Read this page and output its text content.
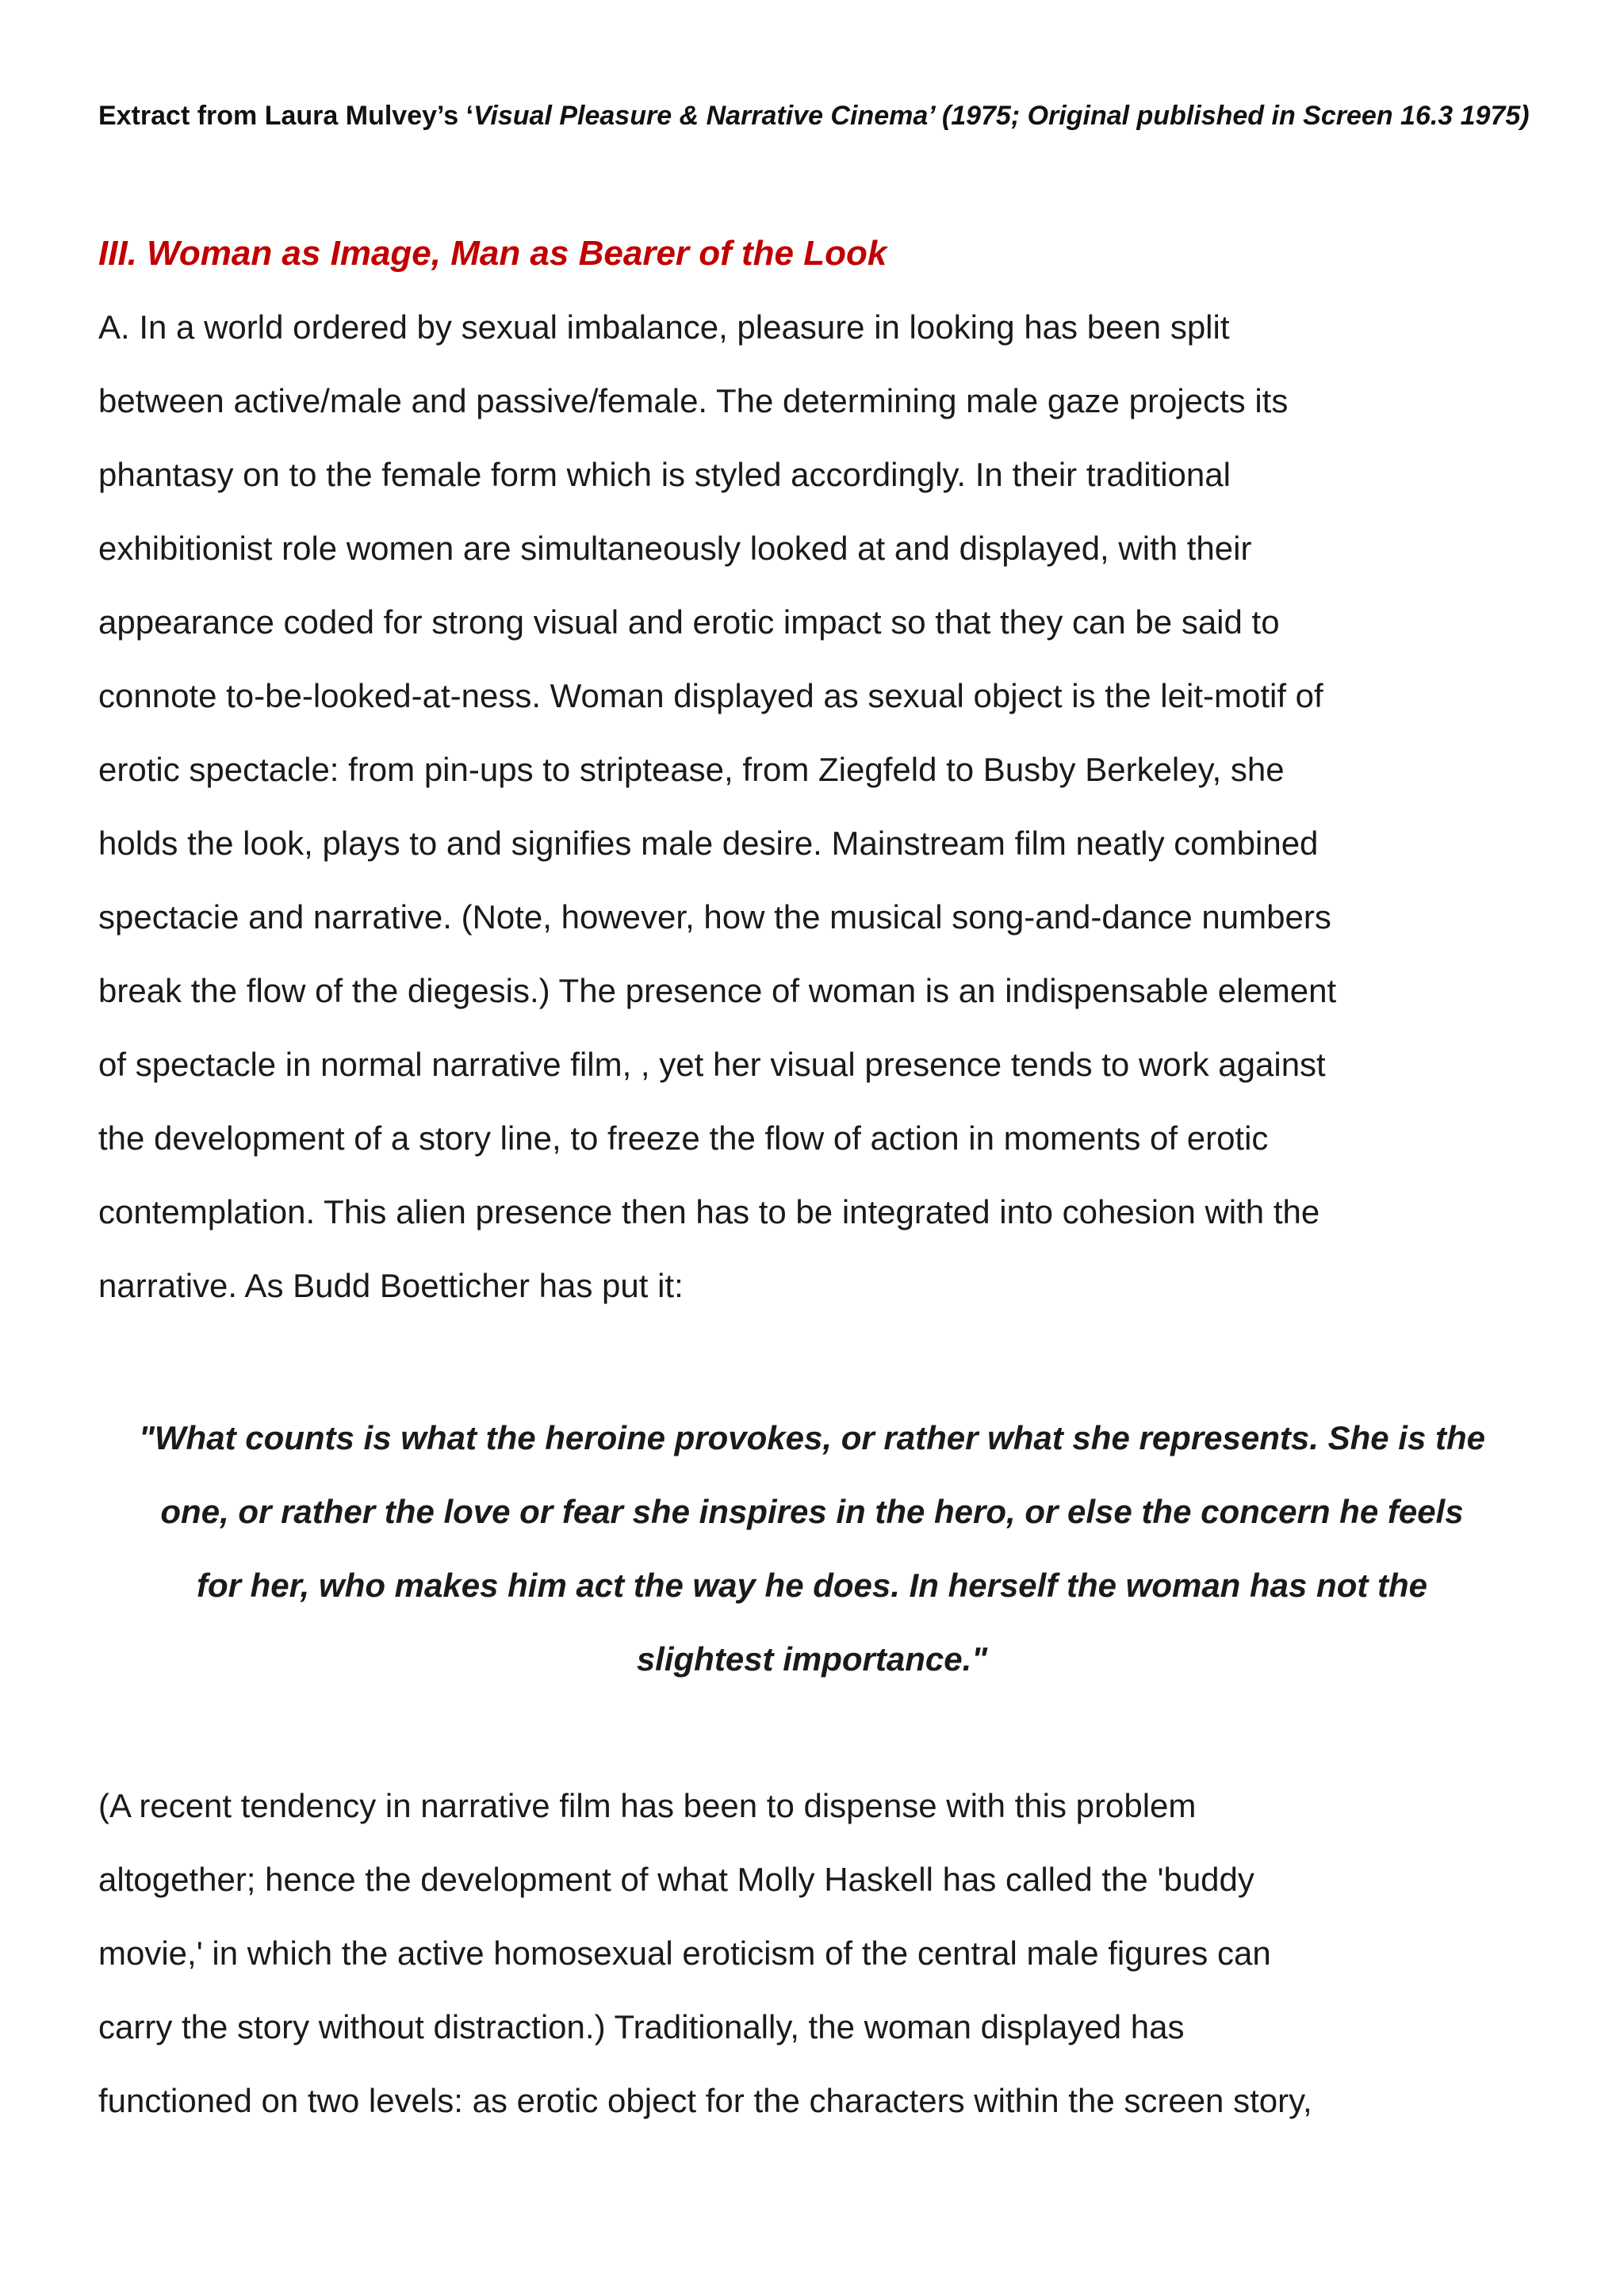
Extract from Laura Mulvey’s ‘Visual Pleasure & Narrative Cinema’ (1975; Original published in Screen 16.3 1975)
III. Woman as Image, Man as Bearer of the Look
A. In a world ordered by sexual imbalance, pleasure in looking has been split
between active/male and passive/female. The determining male gaze projects its
phantasy on to the female form which is styled accordingly. In their traditional
exhibitionist role women are simultaneously looked at and displayed, with their
appearance coded for strong visual and erotic impact so that they can be said to
connote to-be-looked-at-ness. Woman displayed as sexual object is the leit-motif of
erotic spectacle: from pin-ups to striptease, from Ziegfeld to Busby Berkeley, she
holds the look, plays to and signifies male desire. Mainstream film neatly combined
spectacie and narrative. (Note, however, how the musical song-and-dance numbers
break the flow of the diegesis.) The presence of woman is an indispensable element
of spectacle in normal narrative film, , yet her visual presence tends to work against
the development of a story line, to freeze the flow of action in moments of erotic
contemplation. This alien presence then has to be integrated into cohesion with the
narrative. As Budd Boetticher has put it:
"What counts is what the heroine provokes, or rather what she represents. She is the
one, or rather the love or fear she inspires in the hero, or else the concern he feels
for her, who makes him act the way he does. In herself the woman has not the
slightest importance."
(A recent tendency in narrative film has been to dispense with this problem
altogether; hence the development of what Molly Haskell has called the 'buddy
movie,' in which the active homosexual eroticism of the central male figures can
carry the story without distraction.) Traditionally, the woman displayed has
functioned on two levels: as erotic object for the characters within the screen story,
